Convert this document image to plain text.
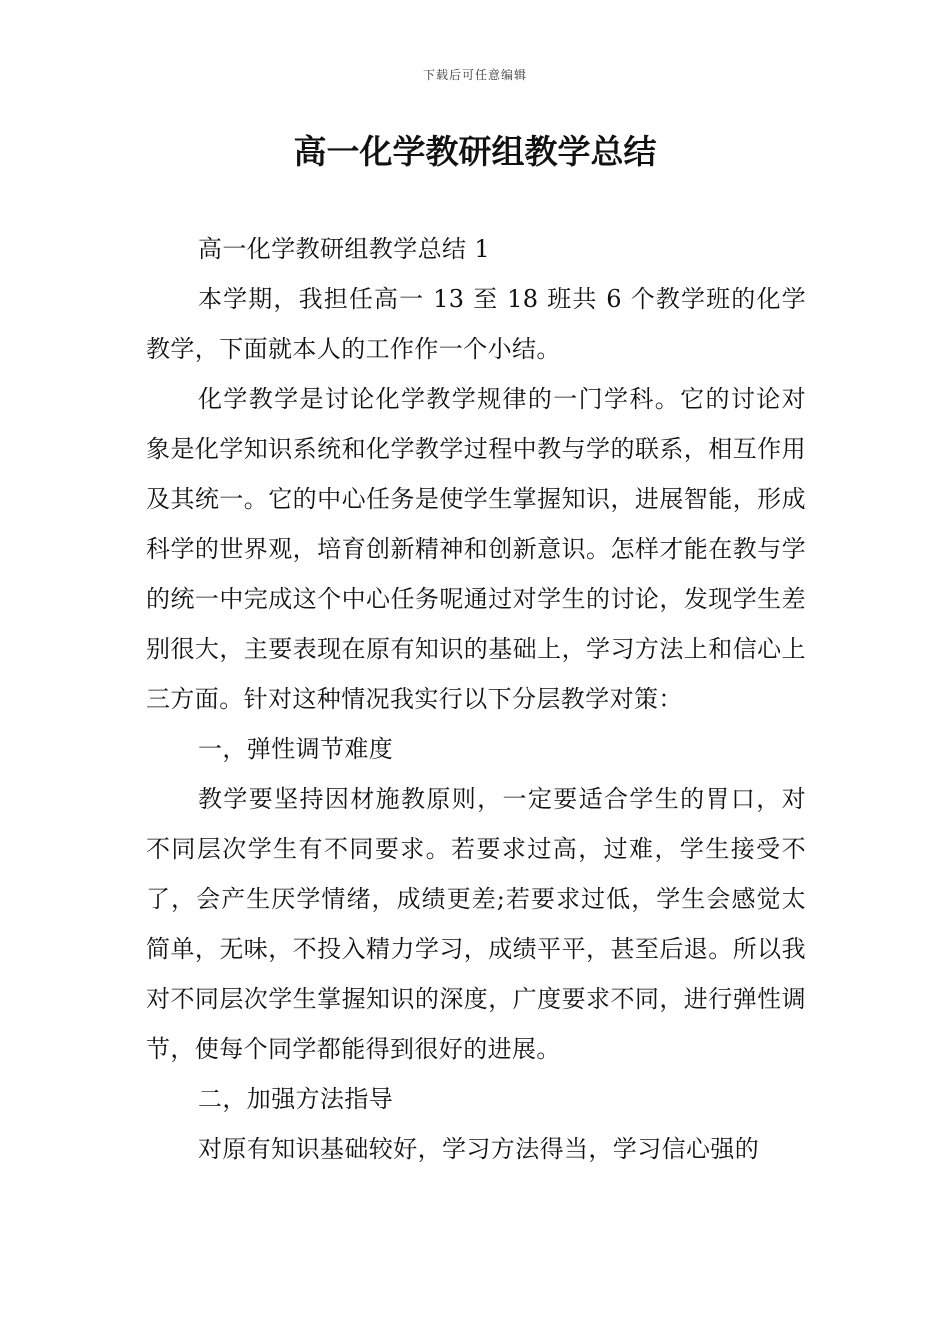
下载后可任意编辑
高一化学教研组教学总结

高一化学教研组教学总结 1

本学期，我担任高一 13 至 18 班共 6 个教学班的化学教学，下面就本人的工作作一个小结。

化学教学是讨论化学教学规律的一门学科。它的讨论对象是化学知识系统和化学教学过程中教与学的联系，相互作用及其统一。它的中心任务是使学生掌握知识，进展智能，形成科学的世界观，培育创新精神和创新意识。怎样才能在教与学的统一中完成这个中心任务呢通过对学生的讨论，发现学生差别很大，主要表现在原有知识的基础上，学习方法上和信心上三方面。针对这种情况我实行以下分层教学对策：

一，弹性调节难度

教学要坚持因材施教原则，一定要适合学生的胃口，对不同层次学生有不同要求。若要求过高，过难，学生接受不了，会产生厌学情绪，成绩更差;若要求过低，学生会感觉太简单，无味，不投入精力学习，成绩平平，甚至后退。所以我对不同层次学生掌握知识的深度，广度要求不同，进行弹性调节，使每个同学都能得到很好的进展。

二，加强方法指导

对原有知识基础较好，学习方法得当，学习信心强的
